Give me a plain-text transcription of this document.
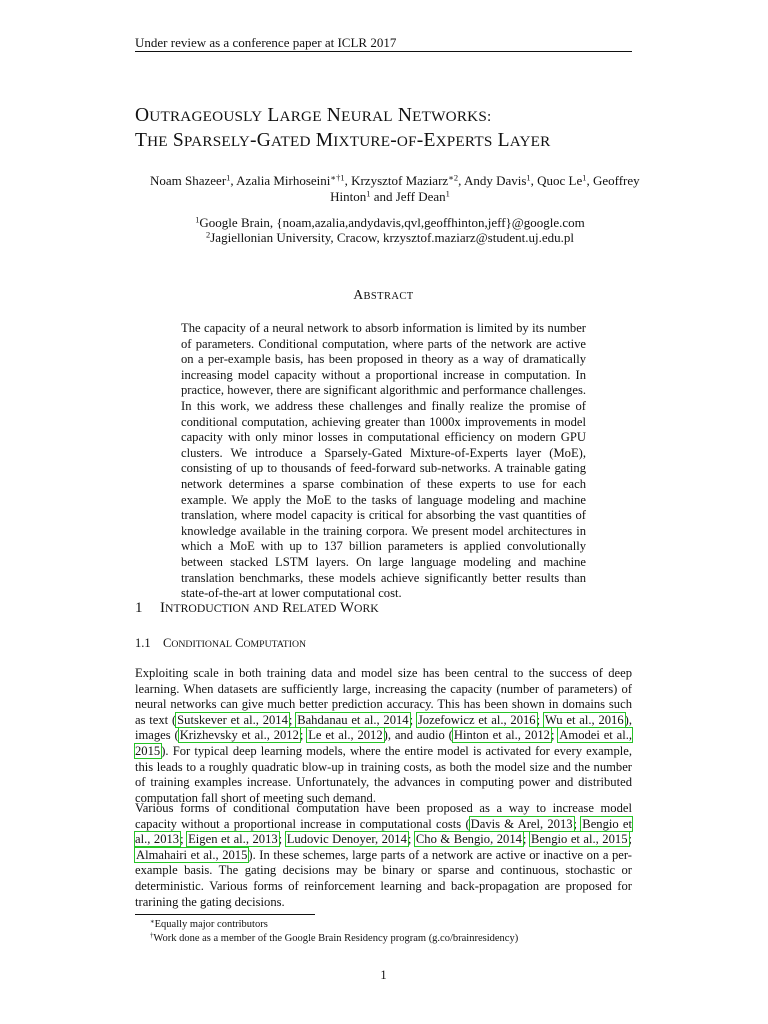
Under review as a conference paper at ICLR 2017
OUTRAGEOUSLY LARGE NEURAL NETWORKS:
THE SPARSELY-GATED MIXTURE-OF-EXPERTS LAYER
Noam Shazeer$^1$, Azalia Mirhoseini$^{∗\dagger 1}$, Krzysztof Maziarz$^{∗2}$, Andy Davis$^1$, Quoc Le$^1$, Geoffrey
Hinton$^1$ and Jeff Dean$^1$
$^1$Google Brain, {noam,azalia,andydavis,qvl,geoffhinton,jeff}@google.com
$^2$Jagiellonian University, Cracow, krzysztof.maziarz@student.uj.edu.pl
ABSTRACT
The capacity of a neural network to absorb information is limited by its number of parameters. Conditional computation, where parts of the network are active on a per-example basis, has been proposed in theory as a way of dramatically increasing model capacity without a proportional increase in computation. In practice, however, there are significant algorithmic and performance challenges. In this work, we address these challenges and finally realize the promise of conditional computation, achieving greater than 1000x improvements in model capacity with only minor losses in computational efficiency on modern GPU clusters. We introduce a Sparsely-Gated Mixture-of-Experts layer (MoE), consisting of up to thousands of feed-forward sub-networks. A trainable gating network determines a sparse combination of these experts to use for each example. We apply the MoE to the tasks of language modeling and machine translation, where model capacity is critical for absorbing the vast quantities of knowledge available in the training corpora. We present model architectures in which a MoE with up to 137 billion parameters is applied convolutionally between stacked LSTM layers. On large language modeling and machine translation benchmarks, these models achieve significantly better results than state-of-the-art at lower computational cost.
1 INTRODUCTION AND RELATED WORK
1.1 CONDITIONAL COMPUTATION
Exploiting scale in both training data and model size has been central to the success of deep learning. When datasets are sufficiently large, increasing the capacity (number of parameters) of neural networks can give much better prediction accuracy. This has been shown in domains such as text (Sutskever et al., 2014; Bahdanau et al., 2014; Jozefowicz et al., 2016; Wu et al., 2016), images (Krizhevsky et al., 2012; Le et al., 2012), and audio (Hinton et al., 2012; Amodei et al., 2015). For typical deep learning models, where the entire model is activated for every example, this leads to a roughly quadratic blow-up in training costs, as both the model size and the number of training examples increase. Unfortunately, the advances in computing power and distributed computation fall short of meeting such demand.
Various forms of conditional computation have been proposed as a way to increase model capacity without a proportional increase in computational costs (Davis & Arel, 2013; Bengio et al., 2013; Eigen et al., 2013; Ludovic Denoyer, 2014; Cho & Bengio, 2014; Bengio et al., 2015; Almahairi et al., 2015). In these schemes, large parts of a network are active or inactive on a per-example basis. The gating decisions may be binary or sparse and continuous, stochastic or deterministic. Various forms of reinforcement learning and back-propagation are proposed for trarining the gating decisions.
∗Equally major contributors
†Work done as a member of the Google Brain Residency program (g.co/brainresidency)
1
